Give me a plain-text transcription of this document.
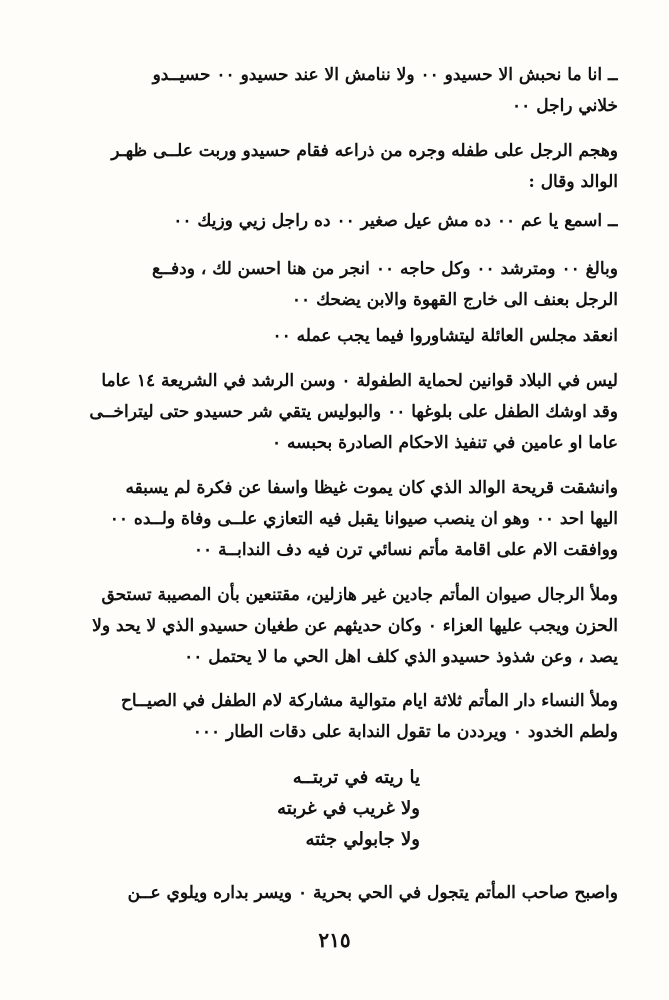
ــ انا ما نحبش الا حسيدو ٠٠ ولا ننامش الا عند حسيدو ٠٠ حسيــدو
خلاني راجل ٠٠
وهجم الرجل على طفله وجره من ذراعه فقام حسيدو وربت علــى ظهـر
الوالد وقال :
ــ اسمع يا عم ٠٠ ده مش عيل صغير ٠٠ ده راجل زيي وزيك ٠٠
وبالغ ٠٠ ومترشد ٠٠ وكل حاجه ٠٠ انجر من هنا احسن لك ، ودفــع
الرجل بعنف الى خارج القهوة والابن يضحك ٠٠
انعقد مجلس العائلة ليتشاوروا فيما يجب عمله ٠٠
ليس في البلاد قوانين لحماية الطفولة ٠ وسن الرشد في الشريعة ١٤ عاما
وقد اوشك الطفل على بلوغها ٠٠ والبوليس يتقي شر حسيدو حتى ليتراخــى
عاما او عامين في تنفيذ الاحكام الصادرة بحبسه ٠
وانشقت قريحة الوالد الذي كان يموت غيظا واسفا عن فكرة لم يسبقه
اليها احد ٠٠ وهو ان ينصب صيوانا يقبل فيه التعازي علــى وفاة ولــده ٠٠
ووافقت الام على اقامة مأتم نسائي ترن فيه دف الندابــة ٠٠
وملأ الرجال صيوان المأتم جادين غير هازلين، مقتنعين بأن المصيبة تستحق
الحزن ويجب عليها العزاء ٠ وكان حديثهم عن طغيان حسيدو الذي لا يحد ولا
يصد ، وعن شذوذ حسيدو الذي كلف اهل الحي ما لا يحتمل ٠٠
وملأ النساء دار المأتم ثلاثة ايام متوالية مشاركة لام الطفل في الصيــاح
ولطم الخدود ٠ ويرددن ما تقول الندابة على دقات الطار ٠٠٠
يا ريته في تربتــه
ولا غريب في غربته
ولا جابولي جثته
واصبح صاحب المأتم يتجول في الحي بحرية ٠ ويسر بداره ويلوي عــن
٢١٥
